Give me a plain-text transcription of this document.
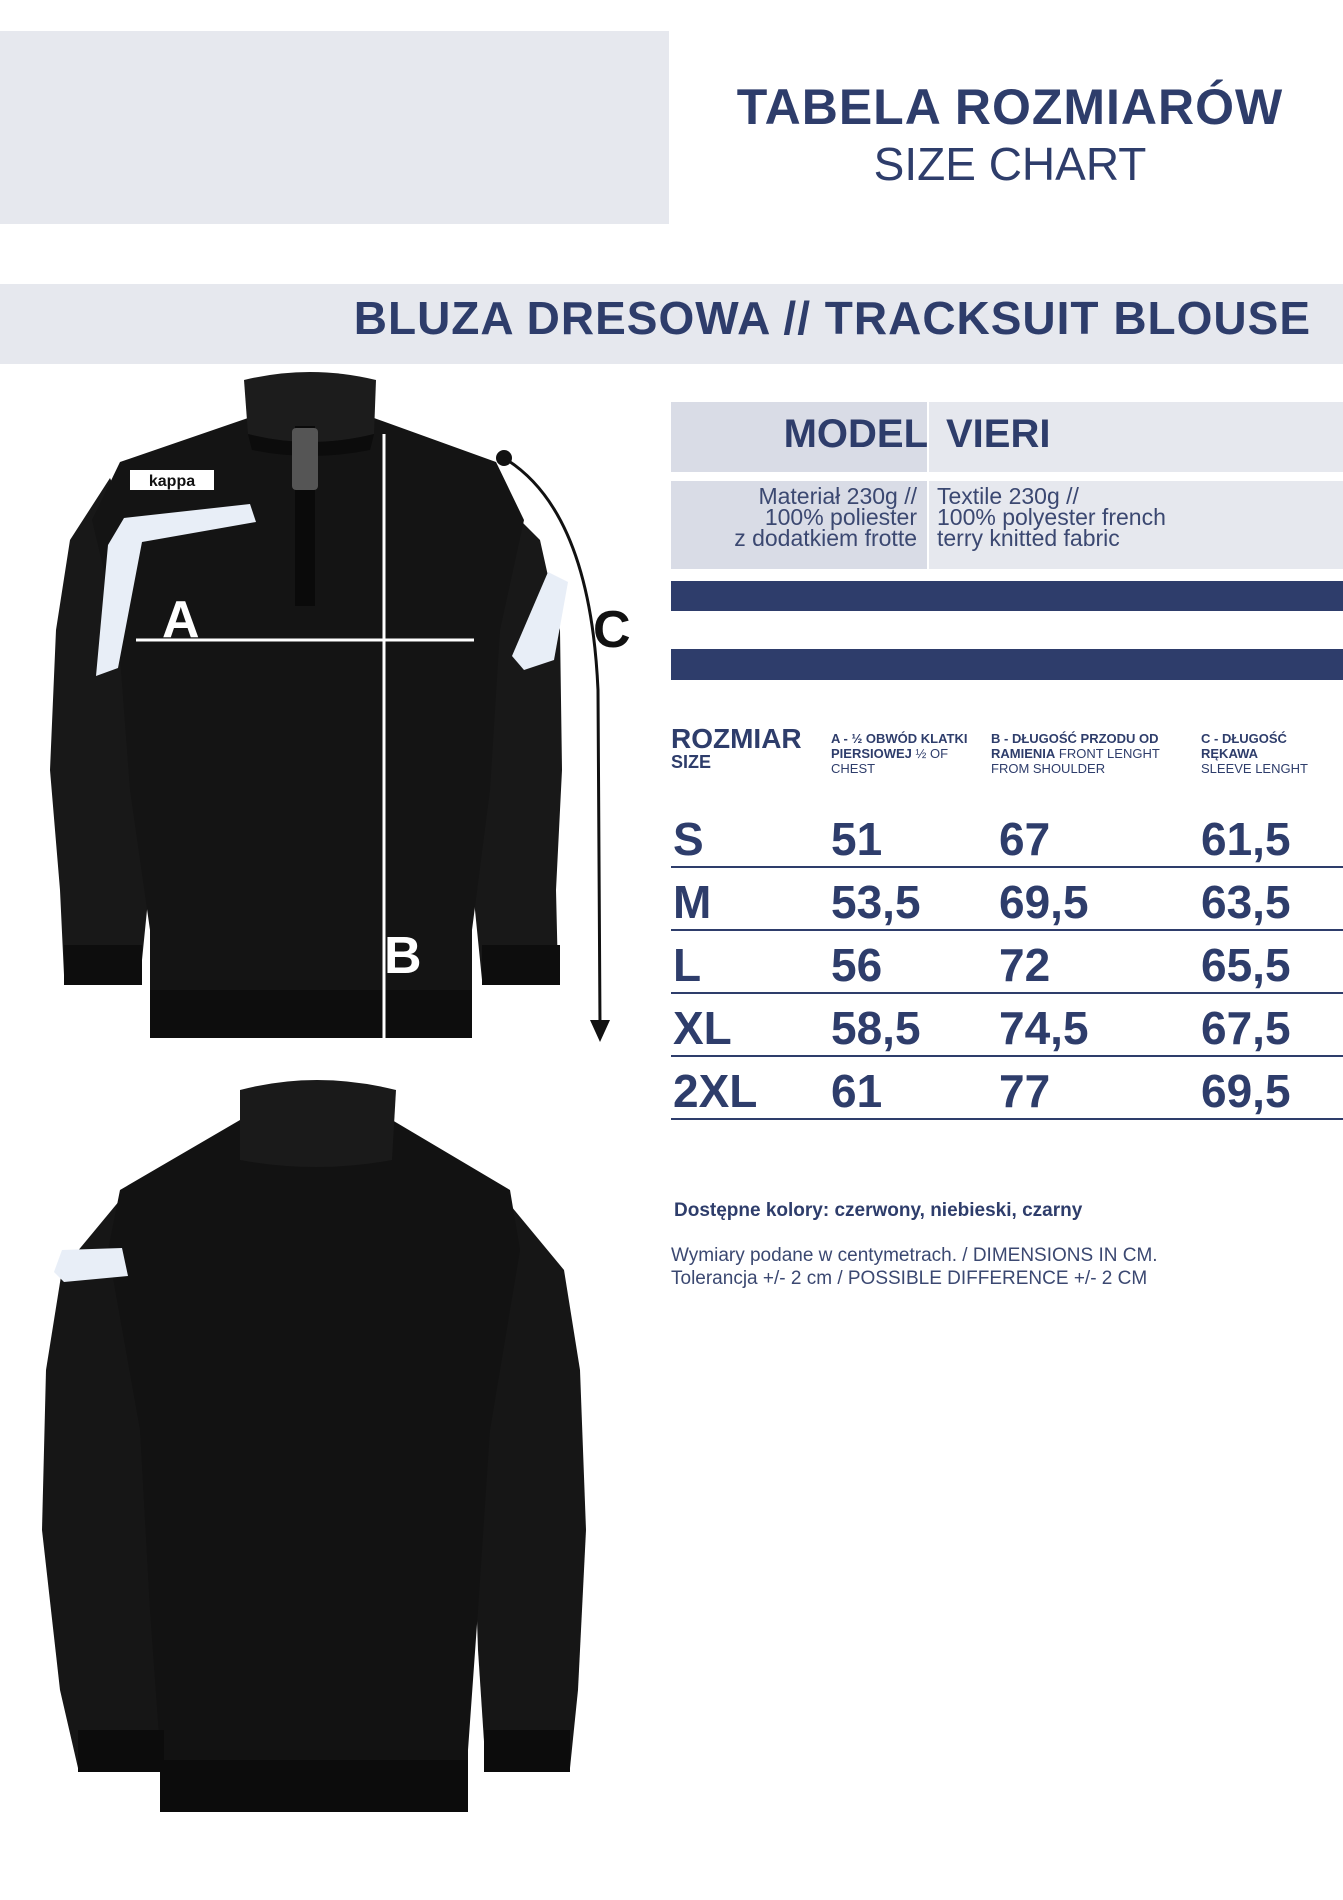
TABELA ROZMIARÓW
SIZE CHART
BLUZA DRESOWA // TRACKSUIT BLOUSE
kappa
A
B
C
MODEL VIERI
Materiał 230g //
100% poliester
z dodatkiem frotte
Textile 230g //
100% polyester french
terry knitted fabric
ROZMIAR
SIZE
A - ½ OBWÓD KLATKI PIERSIOWEJ ½ OF CHEST
B - DŁUGOŚĆ PRZODU OD RAMIENIA FRONT LENGHT FROM SHOULDER
C - DŁUGOŚĆ RĘKAWA SLEEVE LENGHT
S	51	67	61,5
M	53,5 69,5 63,5
L	56	72	65,5
XL 58,5 74,5 67,5
2XL 61	77	69,5
Dostępne kolory: czerwony, niebieski, czarny
Wymiary podane w centymetrach. / DIMENSIONS IN CM.
Tolerancja +/- 2 cm / POSSIBLE DIFFERENCE +/- 2 CM
